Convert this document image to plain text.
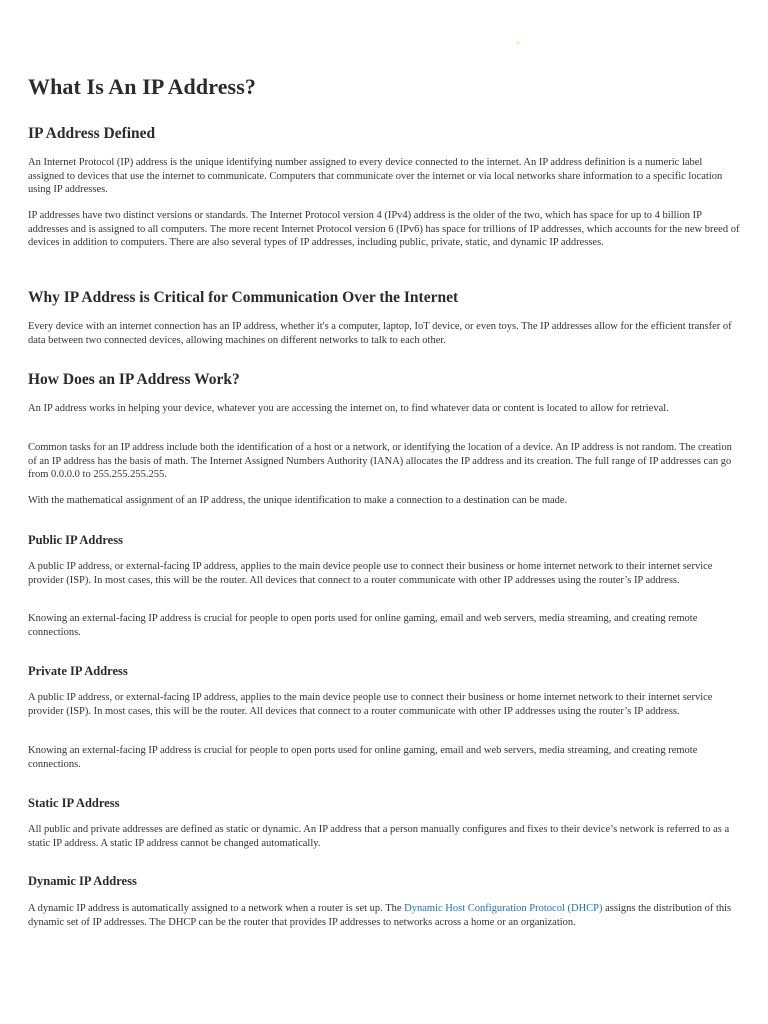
What Is An IP Address?
IP Address Defined

An Internet Protocol (IP) address is the unique identifying number assigned to every device connected to the internet. An IP address definition is a numeric label assigned to devices that use the internet to communicate. Computers that communicate over the internet or via local networks share information to a specific location using IP addresses.

IP addresses have two distinct versions or standards. The Internet Protocol version 4 (IPv4) address is the older of the two, which has space for up to 4 billion IP addresses and is assigned to all computers. The more recent Internet Protocol version 6 (IPv6) has space for trillions of IP addresses, which accounts for the new breed of devices in addition to computers. There are also several types of IP addresses, including public, private, static, and dynamic IP addresses.

Why IP Address is Critical for Communication Over the Internet

Every device with an internet connection has an IP address, whether it's a computer, laptop, IoT device, or even toys. The IP addresses allow for the efficient transfer of data between two connected devices, allowing machines on different networks to talk to each other.

How Does an IP Address Work?

An IP address works in helping your device, whatever you are accessing the internet on, to find whatever data or content is located to allow for retrieval.

Common tasks for an IP address include both the identification of a host or a network, or identifying the location of a device. An IP address is not random. The creation of an IP address has the basis of math. The Internet Assigned Numbers Authority (IANA) allocates the IP address and its creation. The full range of IP addresses can go from 0.0.0.0 to 255.255.255.255.

With the mathematical assignment of an IP address, the unique identification to make a connection to a destination can be made.

Public IP Address

A public IP address, or external-facing IP address, applies to the main device people use to connect their business or home internet network to their internet service provider (ISP). In most cases, this will be the router. All devices that connect to a router communicate with other IP addresses using the router’s IP address.

Knowing an external-facing IP address is crucial for people to open ports used for online gaming, email and web servers, media streaming, and creating remote connections.

Private IP Address

A public IP address, or external-facing IP address, applies to the main device people use to connect their business or home internet network to their internet service provider (ISP). In most cases, this will be the router. All devices that connect to a router communicate with other IP addresses using the router’s IP address.

Knowing an external-facing IP address is crucial for people to open ports used for online gaming, email and web servers, media streaming, and creating remote connections.

Static IP Address

All public and private addresses are defined as static or dynamic. An IP address that a person manually configures and fixes to their device’s network is referred to as a static IP address. A static IP address cannot be changed automatically.

Dynamic IP Address

A dynamic IP address is automatically assigned to a network when a router is set up. The Dynamic Host Configuration Protocol (DHCP) assigns the distribution of this dynamic set of IP addresses. The DHCP can be the router that provides IP addresses to networks across a home or an organization.
